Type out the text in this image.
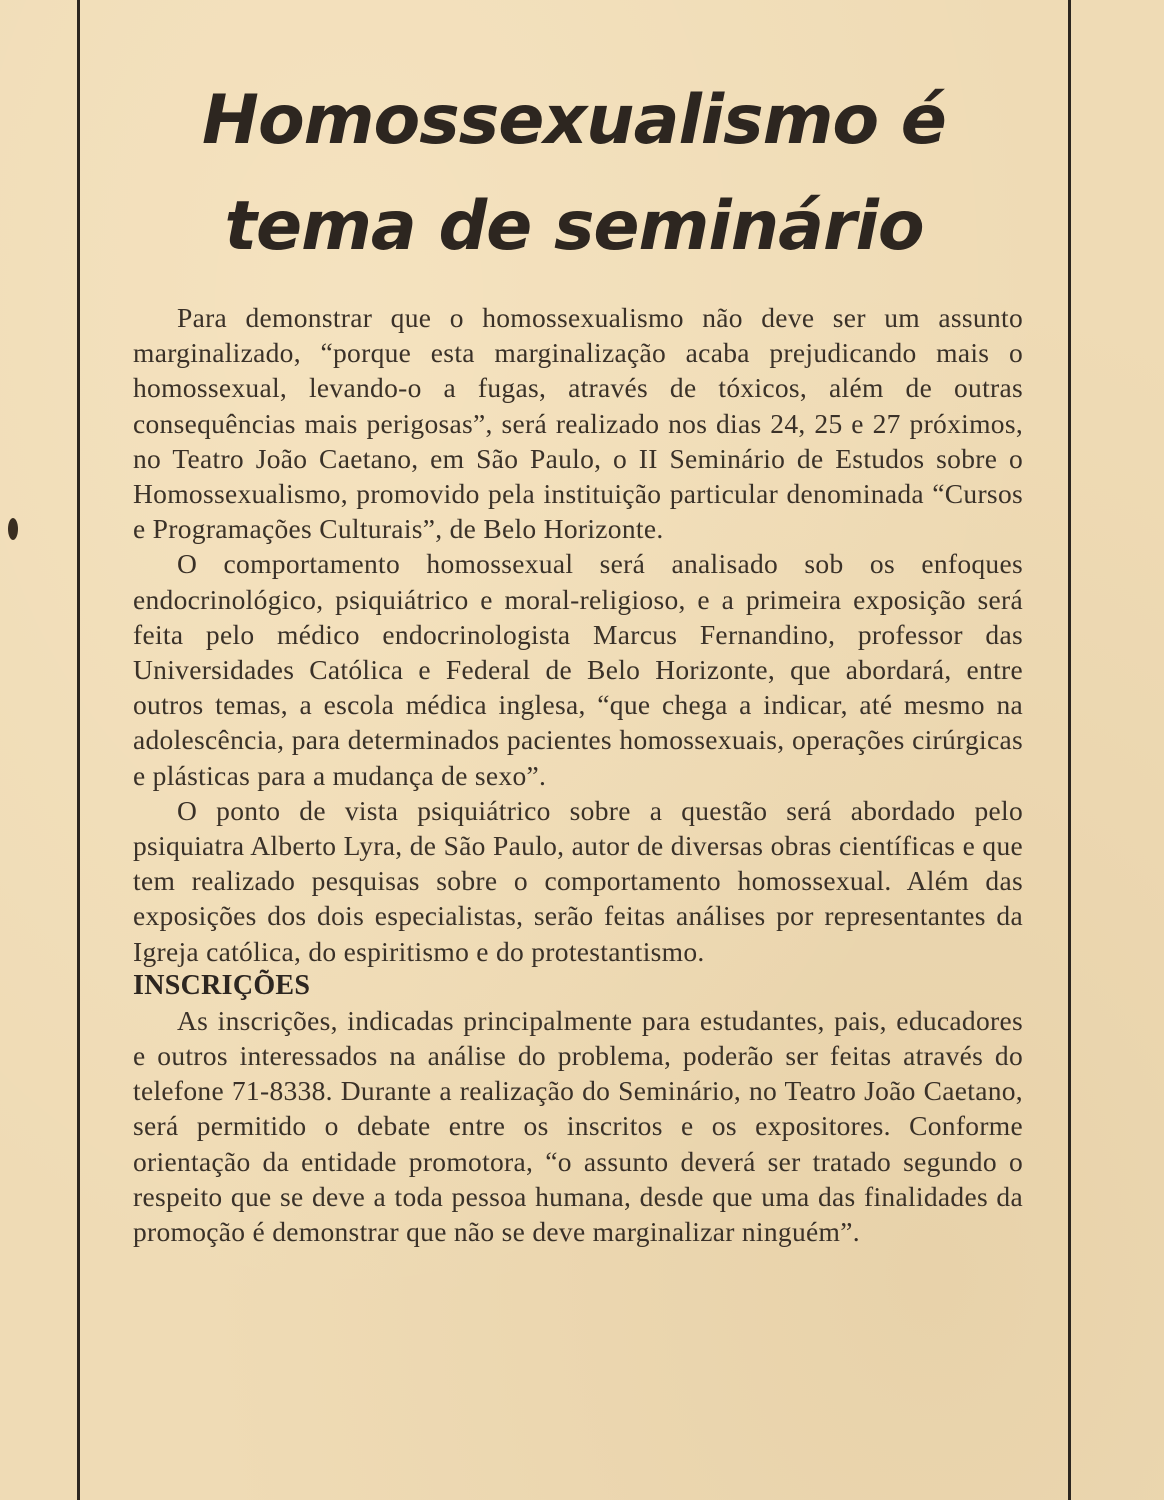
Homossexualismo é
tema de seminário

Para demonstrar que o homossexualismo não deve ser um assunto marginalizado, “porque esta marginalização acaba prejudicando mais o homossexual, levando-o a fugas, através de tóxicos, além de outras consequências mais perigosas”, será realizado nos dias 24, 25 e 27 próximos, no Teatro João Caetano, em São Paulo, o II Seminário de Estudos sobre o Homossexualismo, promovido pela instituição particular denominada “Cursos e Programações Culturais”, de Belo Horizonte.

O comportamento homossexual será analisado sob os enfoques endocrinológico, psiquiátrico e moral-religioso, e a primeira exposição será feita pelo médico endocrinologista Marcus Fernandino, professor das Universidades Católica e Federal de Belo Horizonte, que abordará, entre outros temas, a escola médica inglesa, “que chega a indicar, até mesmo na adolescência, para determinados pacientes homossexuais, operações cirúrgicas e plásticas para a mudança de sexo”.

O ponto de vista psiquiátrico sobre a questão será abordado pelo psiquiatra Alberto Lyra, de São Paulo, autor de diversas obras científicas e que tem realizado pesquisas sobre o comportamento homossexual. Além das exposições dos dois especialistas, serão feitas análises por representantes da Igreja católica, do espiritismo e do protestantismo.

INSCRIÇÕES

As inscrições, indicadas principalmente para estudantes, pais, educadores e outros interessados na análise do problema, poderão ser feitas através do telefone 71-8338. Durante a realização do Seminário, no Teatro João Caetano, será permitido o debate entre os inscritos e os expositores. Conforme orientação da entidade promotora, “o assunto deverá ser tratado segundo o respeito que se deve a toda pessoa humana, desde que uma das finalidades da promoção é demonstrar que não se deve marginalizar ninguém”.
